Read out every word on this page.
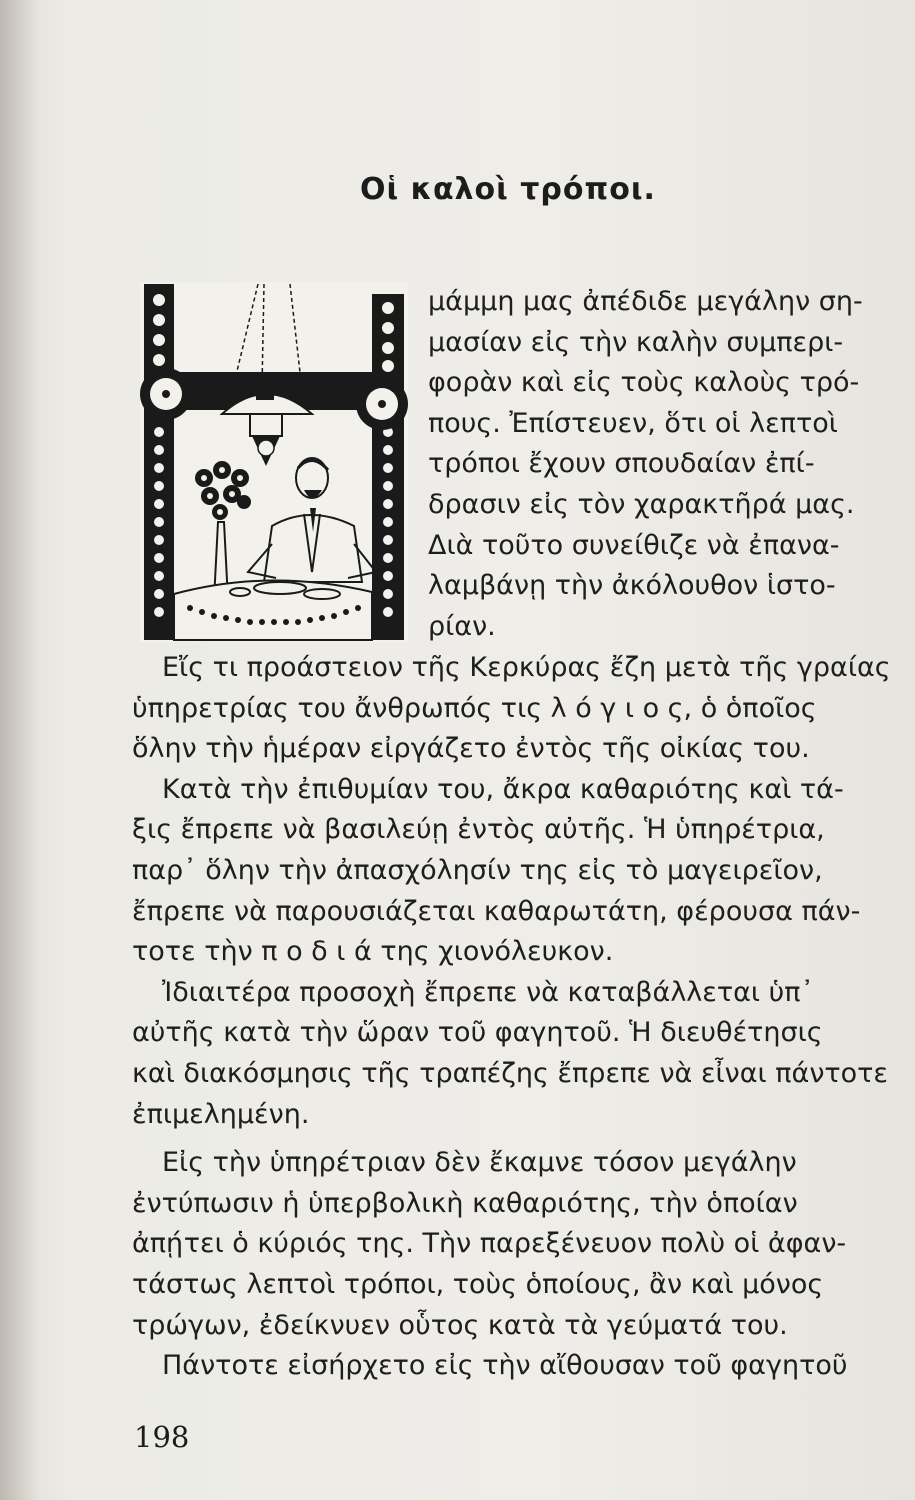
Οἱ καλοὶ τρόποι.
μάμμη μας ἀπέδιδε μεγάλην ση-
μασίαν εἰς τὴν καλὴν συμπερι-
φορὰν καὶ εἰς τοὺς καλοὺς τρό-
πους. Ἐπίστευεν, ὅτι οἱ λεπτοὶ
τρόποι ἔχουν σπουδαίαν ἐπί-
δρασιν εἰς τὸν χαρακτῆρά μας.
Διὰ τοῦτο συνείθιζε νὰ ἐπανα-
λαμβάνῃ τὴν ἀκόλουθον ἱστο-
ρίαν.
Εἴς τι προάστειον τῆς Κερκύρας ἔζη μετὰ τῆς γραίας
ὑπηρετρίας του ἄνθρωπός τις λ ό γ ι ο ς, ὁ ὁποῖος
ὅλην τὴν ἡμέραν εἰργάζετο ἐντὸς τῆς οἰκίας του.
Κατὰ τὴν ἐπιθυμίαν του, ἄκρα καθαριότης καὶ τά-
ξις ἔπρεπε νὰ βασιλεύῃ ἐντὸς αὐτῆς. Ἡ ὑπηρέτρια,
παρ᾽ ὅλην τὴν ἀπασχόλησίν της εἰς τὸ μαγειρεῖον,
ἔπρεπε νὰ παρουσιάζεται καθαρωτάτη, φέρουσα πάν-
τοτε τὴν π ο δ ι ά της χιονόλευκον.
Ἰδιαιτέρα προσοχὴ ἔπρεπε νὰ καταβάλλεται ὑπ᾽
αὐτῆς κατὰ τὴν ὥραν τοῦ φαγητοῦ. Ἡ διευθέτησις
καὶ διακόσμησις τῆς τραπέζης ἔπρεπε νὰ εἶναι πάντοτε
ἐπιμελημένη.
Εἰς τὴν ὑπηρέτριαν δὲν ἔκαμνε τόσον μεγάλην
ἐντύπωσιν ἡ ὑπερβολικὴ καθαριότης, τὴν ὁποίαν
ἀπῄτει ὁ κύριός της. Τὴν παρεξένευον πολὺ οἱ ἀφαν-
τάστως λεπτοὶ τρόποι, τοὺς ὁποίους, ἂν καὶ μόνος
τρώγων, ἐδείκνυεν οὗτος κατὰ τὰ γεύματά του.
Πάντοτε εἰσήρχετο εἰς τὴν αἴθουσαν τοῦ φαγητοῦ
198
